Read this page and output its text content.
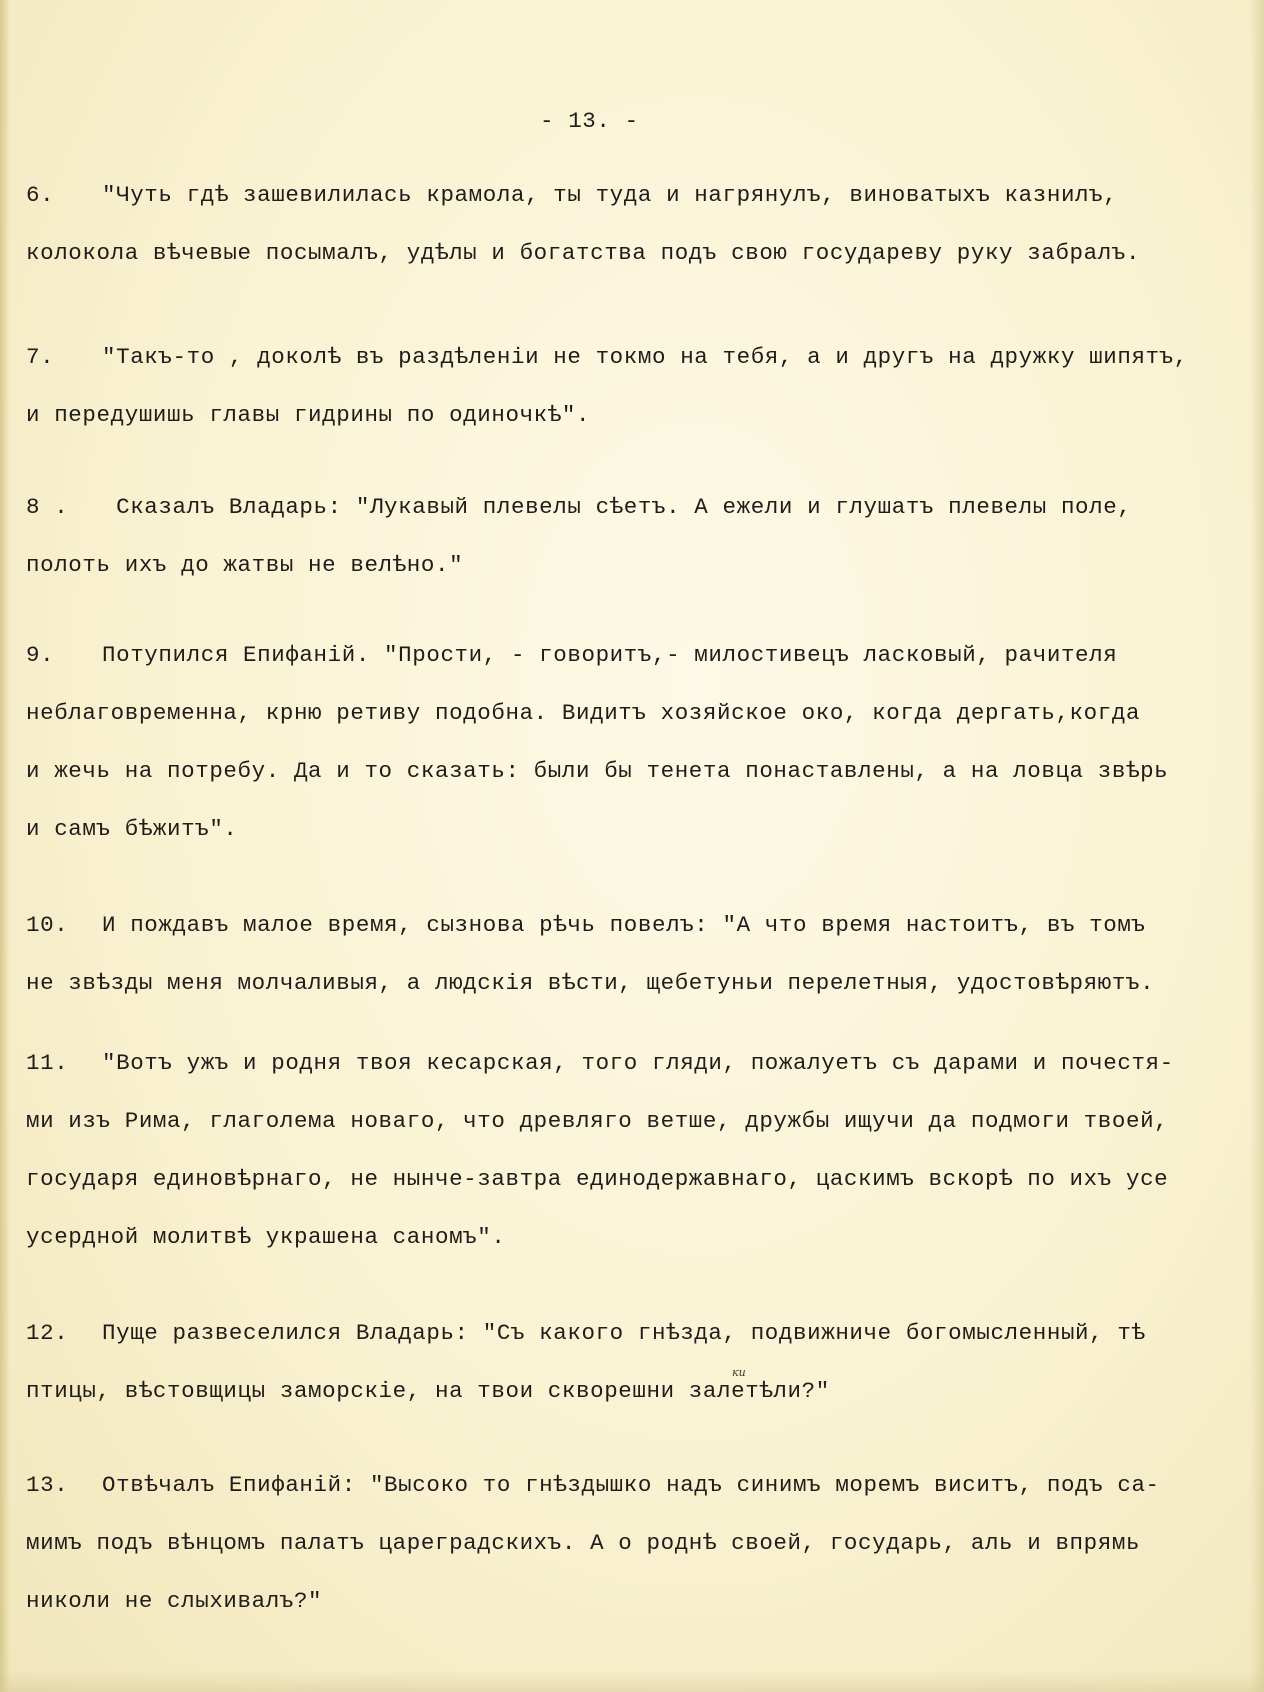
- 13. -
6. "Чуть гдѣ зашевилилась крамола, ты туда и нагрянулъ, виноватыхъ казнилъ,
колокола вѣчевые посымалъ, удѣлы и богатства подъ свою государеву руку забралъ.
7. "Такъ-то , доколѣ въ раздѣленіи не токмо на тебя, а и другъ на дружку шипятъ,
и передушишь главы гидрины по одиночкѣ".
8 . Сказалъ Владарь: "Лукавый плевелы сѣетъ. А ежели и глушатъ плевелы поле,
полоть ихъ до жатвы не велѣно."
9. Потупился Епифаній. "Прости, - говоритъ,- милостивецъ ласковый, рачителя
неблаговременна, крню ретиву подобна. Видитъ хозяйское око, когда дергать,когда
и жечь на потребу. Да и то сказать: были бы тенета понаставлены, а на ловца звѣрь
и самъ бѣжитъ".
10. И пождавъ малое время, сызнова рѣчь повелъ: "А что время настоитъ, въ томъ
не звѣзды меня молчаливыя, а людскія вѣсти, щебетуньи перелетныя, удостовѣряютъ.
11. "Вотъ ужъ и родня твоя кесарская, того гляди, пожалуетъ съ дарами и почестя-
ми изъ Рима, глаголема новаго, что древляго ветше, дружбы ищучи да подмоги твоей,
государя единовѣрнаго, не нынче-завтра единодержавнаго, цаскимъ вскорѣ по ихъ усе
усердной молитвѣ украшена саномъ".
12. Пуще развеселился Владарь: "Съ какого гнѣзда, подвижниче богомысленный, тѣ
птицы, вѣстовщицы заморскіе, на твои скворешни залетѣли?"
ки
13. Отвѣчалъ Епифаній: "Высоко то гнѣздышко надъ синимъ моремъ виситъ, подъ са-
мимъ подъ вѣнцомъ палатъ цареградскихъ. А о роднѣ своей, государь, аль и впрямь
николи не слыхивалъ?"
